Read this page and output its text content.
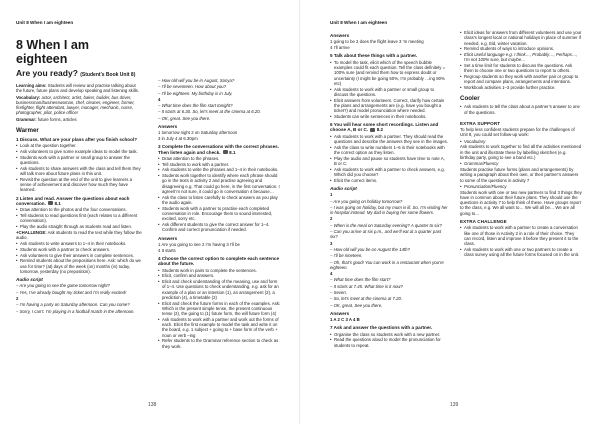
Unit 8 When I am eighteen
8 When I am eighteen
Are you ready? (Student’s Book Unit 8)

Learning aims: Students will review and practise talking about the future, future plans and develop speaking and listening skills.

Vocabulary: actor, architect, artist, baker, builder, bus driver, businessman/businesswoman, chef, cleaner, engineer, farmer, firefighter, flight attendant, lawyer, manager, mechanic, nurse, photographer, pilot, police officer

Grammar: future forms, articles

Warmer
1 Discuss. What are your plans after you finish school?
• Look at the question together.
• Ask volunteers to give some example ideas to model the task.
• Students work with a partner or small group to answer the questions.
• Ask students to share answers with the class and tell them they will talk more about future plans in this unit.
• Revisit the question at the end of the unit to give learners a sense of achievement and discover how much they have learned.
2 Listen and read. Answer the questions about each conversation. 8.1
• Draw attention to the photos and the four conversations.
• Tell students to read questions first (each relates to a different conversation).
• Play the audio straight through as students read and listen.

+CHALLENGE: Ask students to read the text while they follow the audio.

• Ask students to write answers to 1–4 in their notebooks.
• Students work with a partner to check answers.
• Ask volunteers to give their answers in complete sentences.
• Remind students about the prepositions here. Ask: which do we use for time? (at) days of the week (on) months (in) today, tomorrow, yesterday (no preposition).
Audio script

– Are you going to see the game tomorrow night?

– Yes, I’ve already bought my ticket and I’m really excited!

2

– I’m having a party on Saturday afternoon. Can you come?

– Sorry, I can’t. I’m playing in a football match in the afternoon.

– How old will you be in August, Sonya?

– I’ll be seventeen. How about you?

– I’ll be eighteen. My birthday is in July.

4

– What time does the film start tonight?

– It starts at 6.30. So, let’s meet at the cinema at 6.20.

– OK, great. See you there.

Answers

1 tomorrow night 2 on Saturday afternoon

3 in July 4 at 6.30pm

3 Complete the conversations with the correct phrases. Then listen again and check. 8.1
• Draw attention to the phrases.
• Tell students to work with a partner.
• Ask students to write the phrases and 1–4 in their notebooks.
• Students work together to identify where each phrase should go in the texts in activity 2 and practise agreeing and disagreeing e.g. That could go here, in the first conversation. I agree/I’m not sure, it could go in conversation 4 because…
• Ask the class to listen carefully to check answers as you play the audio again.
• Students work with a partner to practise each completed conversation in role. Encourage them to sound interested, excited, sorry etc.
• Ask different students to give the correct answer for 1–4. Confirm and correct pronunciation if needed.
Answers

1 Are you going to see 2 I’m having 3 I’ll be

4 It starts

4 Choose the correct option to complete each sentence about the future.
• Students work in pairs to complete the sentences.
• Elicit, confirm and answers.
• Elicit and check understanding of the meaning, use and form of 1–4. Use questions to check understanding, e.g. ask for an example of a plan or an intention (1), an arrangement (2), a prediction (4), a timetable (2)
• Elicit and check the future forms in each of the examples. Ask: Which is the present simple tense, the present continuous tense (2), the going to (1) future form, the will future form (4)
• Ask students to work with a partner and work out the forms of each. Elicit the first example to model the task and write it on the board, e.g. 1 subject + going to + base form of the verb + noun or verb –ing
• Refer students to the Grammar reference section to check as they work.
138
Unit 8 When I am eighteen
Answers

1 going to be 2 does the flight leave 3 ’m meeting

4 I’ll arrive

5 Talk about these things with a partner.
• To model the task, elicit which of the speech bubble examples could fit each question. Tell the class definitely = 100% sure (and remind them how to express doubt or uncertainty (I might be going 50%, I’m probably …ing 80% etc)
• Ask students to work with a partner or small group to discuss the questions.
• Elicit answers from volunteers. Correct, clarify how certain the plans and arrangements are (e.g. have you bought a ticket?) and model pronunciation where needed.
• Students can write sentences in their notebooks.
6 You will hear some short recordings. Listen and choose A, B or C. 8.2
• Ask students to work with a partner. They should read the questions and describe the answers they see in the images.
• Ask the class to write numbers 1–6 in their notebooks with the correct option as they listen.
• Play the audio and pause so students have time to note A, B or C.
• Ask students to work with a partner to check answers, e.g. Which did you choose?
• Elicit the correct items.
Audio script

1

– Are you going on holiday tomorrow?

– I was going on holiday, but my mum is ill. So, I’m visiting her in hospital instead. My dad is buying her some flowers.

2

– When is the meal on Saturday evening? A quarter to six?

– Can you arrive at six p.m., and we’ll eat at a quarter past six?

3

– How old will you be on August the 14th?

– I’ll be nineteen.

– Oh, that’s good! You can work in a restaurant when you’re eighteen.

4

– What time does the film start?

– It starts at 7.45. What time is it now?

– Seven.

– So, let’s meet at the cinema at 7.20.

– OK, great. See you there.

Answers

1 A 2 C 3 A 4 B

7 Ask and answer the questions with a partner.
• Organise the class so students work with a new partner.
• Read the questions aloud to model the pronunciation for students to repeat.
• Elicit ideas for answers from different volunteers and use your class’s longest local or national holidays in place of summer if needed, e.g. Eid, winter vacation.
• Remind students of ways to introduce opinions.
• Elicit useful language e.g. I think…, Probably…, Perhaps…, I’m not 100% sure, but maybe…
• Set a time limit for students to discuss the questions. Ask them to choose one or two questions to report to others.
• Regroup students so they work with another pair or group to report and compare plans, arrangements and intentions.
• Workbook activities 1–3 provide further practice.
Cooler
• Ask students to tell the class about a partner’s answer to one of the questions.
EXTRA SUPPORT

To help less confident students prepare for the challenges of Unit 8, you could set follow-up work:

• Vocabulary

Ask students to work together to find all the activities mentioned in the unit and illustrate these by labelling sketches (e.g. birthday party, going to see a band etc.)

• Grammar/Fluency

Students practise future forms (plans and arrangements) by writing a paragraph about their own, or their partner’s answers to some of the questions in activity 7

• Pronunciation/Fluency

Students work with one or two new partners to find 3 things they have in common about their future plans. They should use the questions in activity 7 to help think of these. Have groups report to the class, e.g. We all want to… We will all be… We are all going to…

EXTRA CHALLENGE
• Ask students to work with a partner to create a conversation like one of those in Activity 2 in a role of their choice. They can record, listen and improve it before they present it to the class.
• Ask students to work with one or two partners to create a class survey using all the future forms focused on in the unit.
139
